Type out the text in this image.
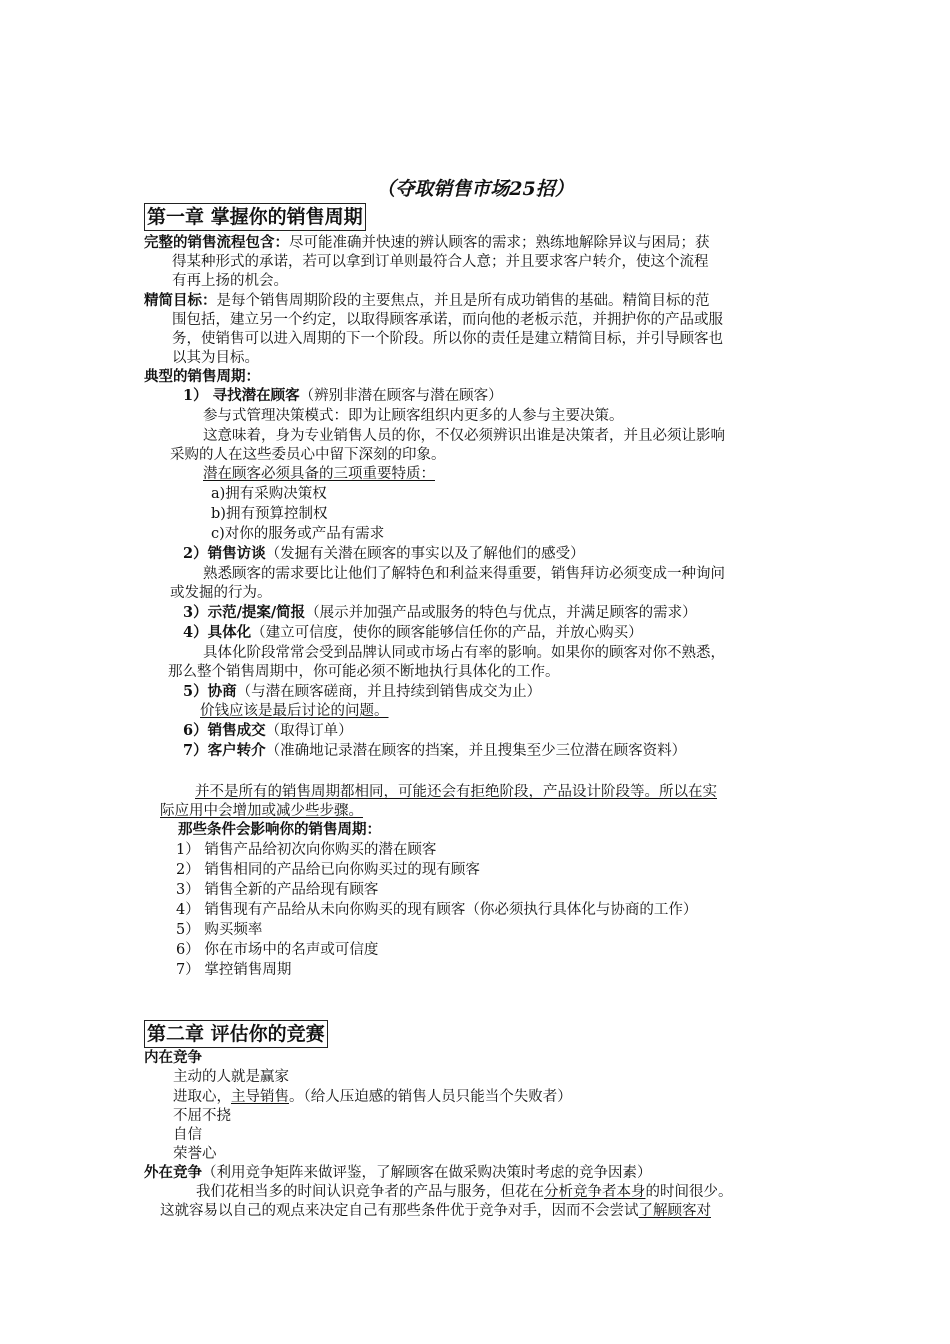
（夺取销售市场25招）
第一章 掌握你的销售周期
完整的销售流程包含：尽可能准确并快速的辨认顾客的需求；熟练地解除异议与困局；获
得某种形式的承诺，若可以拿到订单则最符合人意；并且要求客户转介，使这个流程
有再上扬的机会。
精简目标：是每个销售周期阶段的主要焦点，并且是所有成功销售的基础。精简目标的范
围包括，建立另一个约定，以取得顾客承诺，而向他的老板示范，并拥护你的产品或服
务，使销售可以进入周期的下一个阶段。所以你的责任是建立精简目标，并引导顾客也
以其为目标。
典型的销售周期：
1） 寻找潜在顾客（辨别非潜在顾客与潜在顾客）
参与式管理决策模式：即为让顾客组织内更多的人参与主要决策。
这意味着，身为专业销售人员的你，不仅必须辨识出谁是决策者，并且必须让影响
采购的人在这些委员心中留下深刻的印象。
潜在顾客必须具备的三项重要特质：
a)拥有采购决策权
b)拥有预算控制权
c)对你的服务或产品有需求
2）销售访谈（发掘有关潜在顾客的事实以及了解他们的感受）
熟悉顾客的需求要比让他们了解特色和利益来得重要，销售拜访必须变成一种询问
或发掘的行为。
3）示范/提案/简报（展示并加强产品或服务的特色与优点，并满足顾客的需求）
4）具体化（建立可信度，使你的顾客能够信任你的产品，并放心购买）
具体化阶段常常会受到品牌认同或市场占有率的影响。如果你的顾客对你不熟悉，
那么整个销售周期中，你可能必须不断地执行具体化的工作。
5）协商（与潜在顾客磋商，并且持续到销售成交为止）
价钱应该是最后讨论的问题。
6）销售成交（取得订单）
7）客户转介（准确地记录潜在顾客的挡案，并且搜集至少三位潜在顾客资料）
并不是所有的销售周期都相同，可能还会有拒绝阶段，产品设计阶段等。所以在实
际应用中会增加或减少些步骤。
那些条件会影响你的销售周期：
1） 销售产品给初次向你购买的潜在顾客
2） 销售相同的产品给已向你购买过的现有顾客
3） 销售全新的产品给现有顾客
4） 销售现有产品给从未向你购买的现有顾客（你必须执行具体化与协商的工作）
5） 购买频率
6） 你在市场中的名声或可信度
7） 掌控销售周期
第二章 评估你的竞赛
内在竞争
主动的人就是赢家
进取心，主导销售。（给人压迫感的销售人员只能当个失败者）
不屈不挠
自信
荣誉心
外在竞争（利用竞争矩阵来做评鉴，了解顾客在做采购决策时考虑的竞争因素）
我们花相当多的时间认识竞争者的产品与服务，但花在分析竞争者本身的时间很少。
这就容易以自己的观点来决定自己有那些条件优于竞争对手，因而不会尝试了解顾客对
